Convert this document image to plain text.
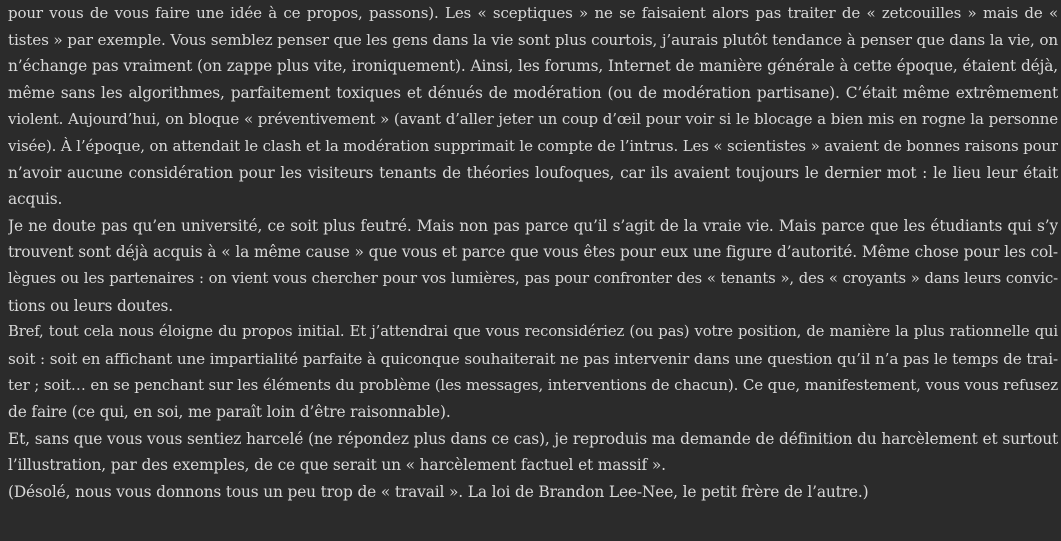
pour vous de vous faire une idée à ce propos, passons). Les « sceptiques » ne se faisaient alors pas traiter de « zetcouilles » mais de «
tistes » par exemple. Vous semblez penser que les gens dans la vie sont plus courtois, j’aurais plutôt tendance à penser que dans la vie, on
n’échange pas vraiment (on zappe plus vite, ironiquement). Ainsi, les forums, Internet de manière générale à cette époque, étaient déjà,
même sans les algorithmes, parfaitement toxiques et dénués de modération (ou de modération partisane). C’était même extrêmement
violent. Aujourd’hui, on bloque « préventivement » (avant d’aller jeter un coup d’œil pour voir si le blocage a bien mis en rogne la personne
visée). À l’époque, on attendait le clash et la modération supprimait le compte de l’intrus. Les « scientistes » avaient de bonnes raisons pour
n’avoir aucune considération pour les visiteurs tenants de théories loufoques, car ils avaient toujours le dernier mot : le lieu leur était
acquis.

Je ne doute pas qu’en université, ce soit plus feutré. Mais non pas parce qu’il s’agit de la vraie vie. Mais parce que les étudiants qui s’y
trouvent sont déjà acquis à « la même cause » que vous et parce que vous êtes pour eux une figure d’autorité. Même chose pour les col-
lègues ou les partenaires : on vient vous chercher pour vos lumières, pas pour confronter des « tenants », des « croyants » dans leurs convic-
tions ou leurs doutes.

Bref, tout cela nous éloigne du propos initial. Et j’attendrai que vous reconsidériez (ou pas) votre position, de manière la plus rationnelle qui
soit : soit en affichant une impartialité parfaite à quiconque souhaiterait ne pas intervenir dans une question qu’il n’a pas le temps de trai-
ter ; soit… en se penchant sur les éléments du problème (les messages, interventions de chacun). Ce que, manifestement, vous vous refusez
de faire (ce qui, en soi, me paraît loin d’être raisonnable).

Et, sans que vous vous sentiez harcelé (ne répondez plus dans ce cas), je reproduis ma demande de définition du harcèlement et surtout
l’illustration, par des exemples, de ce que serait un « harcèlement factuel et massif ».

(Désolé, nous vous donnons tous un peu trop de « travail ». La loi de Brandon Lee-Nee, le petit frère de l’autre.)
